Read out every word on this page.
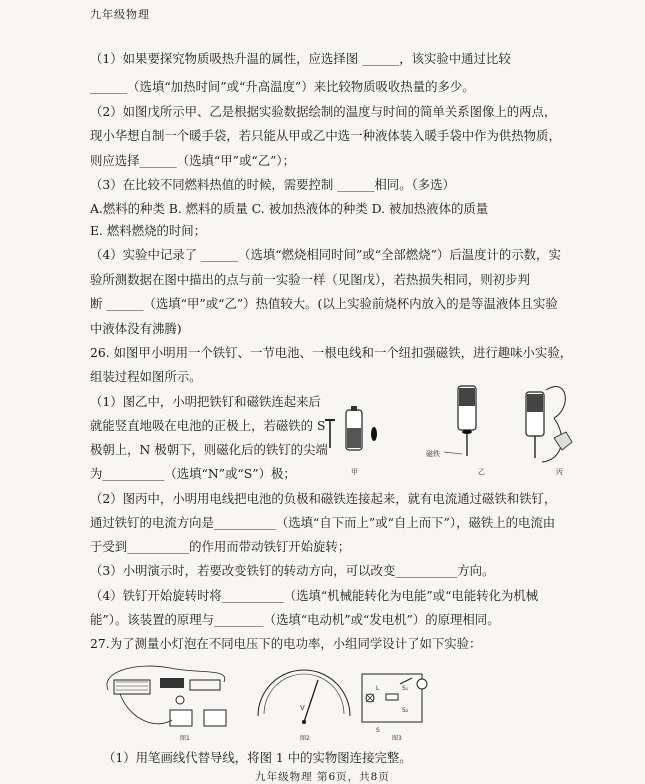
九年级物理
（1）如果要探究物质吸热升温的属性，应选择图 ______，该实验中通过比较
______（选填“加热时间”或“升高温度”）来比较物质吸收热量的多少。
（2）如图戊所示甲、乙是根据实验数据绘制的温度与时间的简单关系图像上的两点，
现小华想自制一个暖手袋，若只能从甲或乙中选一种液体装入暖手袋中作为供热物质，
则应选择______（选填“甲”或“乙”）；
（3）在比较不同燃料热值的时候，需要控制 ______相同。（多选）
A.燃料的种类 B. 燃料的质量 C. 被加热液体的种类 D. 被加热液体的质量
E. 燃料燃烧的时间；
（4）实验中记录了 ______（选填“燃烧相同时间”或“全部燃烧”）后温度计的示数，实
验所测数据在图中描出的点与前一实验一样（见图戊），若热损失相同，则初步判
断 ______（选填“甲”或“乙”）热值较大。(以上实验前烧杯内放入的是等温液体且实验
中液体没有沸腾)
26. 如图甲小明用一个铁钉、一节电池、一根电线和一个纽扣强磁铁，进行趣味小实验，
组装过程如图所示。
（1）图乙中，小明把铁钉和磁铁连起来后
就能竖直地吸在电池的正极上，若磁铁的 S
极朝上，N 极朝下，则磁化后的铁钉的尖端
为__________（选填“N”或“S”）极；
（2）图丙中，小明用电线把电池的负极和磁铁连接起来，就有电流通过磁铁和铁钉，
通过铁钉的电流方向是__________（选填“自下而上”或“自上而下”），磁铁上的电流由
于受到__________的作用而带动铁钉开始旋转；
（3）小明演示时，若要改变铁钉的转动方向，可以改变__________方向。
（4）铁钉开始旋转时将__________（选填“机械能转化为电能”或“电能转化为机械
能”）。该装置的原理与________（选填“电动机”或“发电机”）的原理相同。
27.为了测量小灯泡在不同电压下的电功率，小组同学设计了如下实验：
（1）用笔画线代替导线，将图 1 中的实物图连接完整。
甲
磁铁
乙	丙
图1
V
图2
L	S₁
S₂
S
图3
九年级物理 第6页，共8页
